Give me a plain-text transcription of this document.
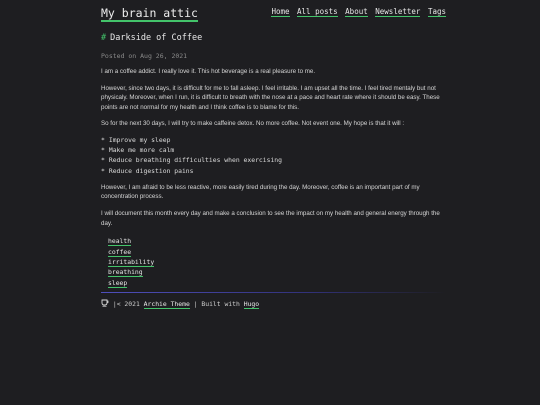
My brain attic	Home All posts About Newsletter Tags
# Darkside of Coffee
Posted on Aug 26, 2021

I am a coffee addict. I really love it. This hot beverage is a real pleasure to me.

However, since two days, it is difficult for me to fall asleep. I feel irritable. I am upset all the time. I feel tired mentaly but not physicaly. Moreover, when I run, it is difficult to breath with the nose at a pace and heart rate where it should be easy. These points are not normal for my health and I think coffee is to blame for this.

So for the next 30 days, I will try to make caffeine detox. No more coffee. Not event one. My hope is that it will :

* Improve my sleep
* Make me more calm
* Reduce breathing difficulties when exercising
* Reduce digestion pains

However, I am afraid to be less reactive, more easily tired during the day. Moreover, coffee is an important part of my concentration process.

I will document this month every day and make a conclusion to see the impact on my health and general energy through the day.

health
coffee
irritability
breathing
sleep
|< 2021 Archie Theme | Built with Hugo
